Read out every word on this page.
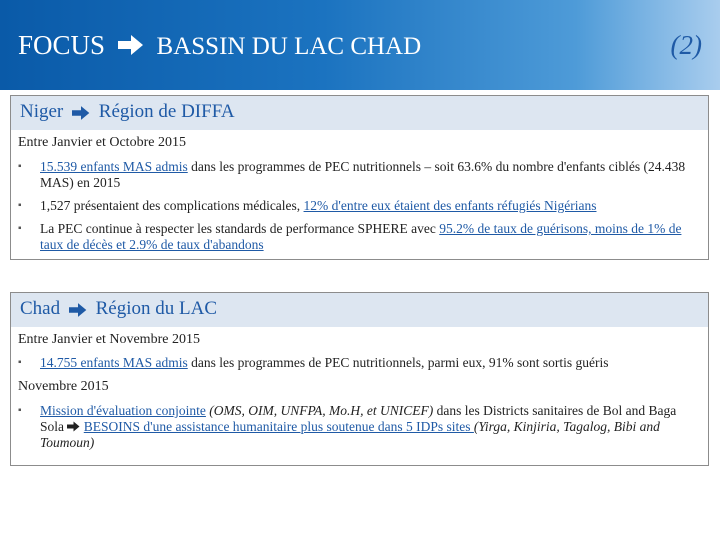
FOCUS BASSIN DU LAC CHAD	(2)
Niger Région de DIFFA
Entre Janvier et Octobre 2015
▪ 15.539 enfants MAS admis dans les programmes de PEC nutritionnels – soit 63.6% du nombre d'enfants ciblés (24.438 MAS) en 2015
▪ 1,527 présentaient des complications médicales, 12% d'entre eux étaient des enfants réfugiés Nigérians
▪ La PEC continue à respecter les standards de performance SPHERE avec 95.2% de taux de guérisons, moins de 1% de taux de décès et 2.9% de taux d'abandons
Chad Région du LAC
Entre Janvier et Novembre 2015
▪ 14.755 enfants MAS admis dans les programmes de PEC nutritionnels, parmi eux, 91% sont sortis guéris
Novembre 2015
▪ Mission d'évaluation conjointe (OMS, OIM, UNFPA, Mo.H, et UNICEF) dans les Districts sanitaires de Bol and Baga Sola  BESOINS d'une assistance humanitaire plus soutenue dans 5 IDPs sites (Yirga, Kinjiria, Tagalog, Bibi and Toumoun)
